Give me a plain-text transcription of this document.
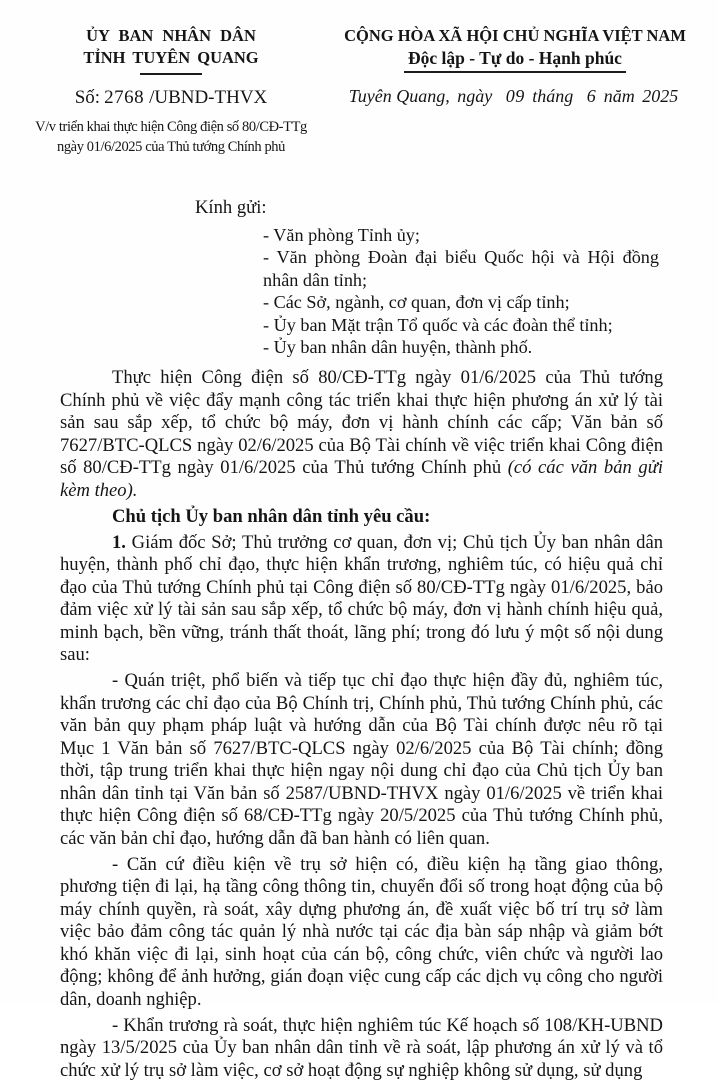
ỦY BAN NHÂN DÂN
TỈNH TUYÊN QUANG
Số: 2768 /UBND-THVX
V/v triển khai thực hiện Công điện số 80/CĐ-TTg ngày 01/6/2025 của Thủ tướng Chính phủ
CỘNG HÒA XÃ HỘI CHỦ NGHĨA VIỆT NAM
Độc lập - Tự do - Hạnh phúc
Tuyên Quang, ngày 09 tháng 6 năm 2025
Kính gửi:
- Văn phòng Tỉnh ủy;
- Văn phòng Đoàn đại biểu Quốc hội và Hội đồng nhân dân tỉnh;
- Các Sở, ngành, cơ quan, đơn vị cấp tỉnh;
- Ủy ban Mặt trận Tổ quốc và các đoàn thể tỉnh;
- Ủy ban nhân dân huyện, thành phố.

Thực hiện Công điện số 80/CĐ-TTg ngày 01/6/2025 của Thủ tướng Chính phủ về việc đẩy mạnh công tác triển khai thực hiện phương án xử lý tài sản sau sắp xếp, tổ chức bộ máy, đơn vị hành chính các cấp; Văn bản số 7627/BTC-QLCS ngày 02/6/2025 của Bộ Tài chính về việc triển khai Công điện số 80/CĐ-TTg ngày 01/6/2025 của Thủ tướng Chính phủ (có các văn bản gửi kèm theo).

Chủ tịch Ủy ban nhân dân tỉnh yêu cầu:

1. Giám đốc Sở; Thủ trưởng cơ quan, đơn vị; Chủ tịch Ủy ban nhân dân huyện, thành phố chỉ đạo, thực hiện khẩn trương, nghiêm túc, có hiệu quả chỉ đạo của Thủ tướng Chính phủ tại Công điện số 80/CĐ-TTg ngày 01/6/2025, bảo đảm việc xử lý tài sản sau sắp xếp, tổ chức bộ máy, đơn vị hành chính hiệu quả, minh bạch, bền vững, tránh thất thoát, lãng phí; trong đó lưu ý một số nội dung sau:

- Quán triệt, phổ biến và tiếp tục chỉ đạo thực hiện đầy đủ, nghiêm túc, khẩn trương các chỉ đạo của Bộ Chính trị, Chính phủ, Thủ tướng Chính phủ, các văn bản quy phạm pháp luật và hướng dẫn của Bộ Tài chính được nêu rõ tại Mục 1 Văn bản số 7627/BTC-QLCS ngày 02/6/2025 của Bộ Tài chính; đồng thời, tập trung triển khai thực hiện ngay nội dung chỉ đạo của Chủ tịch Ủy ban nhân dân tỉnh tại Văn bản số 2587/UBND-THVX ngày 01/6/2025 về triển khai thực hiện Công điện số 68/CĐ-TTg ngày 20/5/2025 của Thủ tướng Chính phủ, các văn bản chỉ đạo, hướng dẫn đã ban hành có liên quan.

- Căn cứ điều kiện về trụ sở hiện có, điều kiện hạ tầng giao thông, phương tiện đi lại, hạ tầng công thông tin, chuyển đổi số trong hoạt động của bộ máy chính quyền, rà soát, xây dựng phương án, đề xuất việc bố trí trụ sở làm việc bảo đảm công tác quản lý nhà nước tại các địa bàn sáp nhập và giảm bớt khó khăn việc đi lại, sinh hoạt của cán bộ, công chức, viên chức và người lao động; không để ảnh hưởng, gián đoạn việc cung cấp các dịch vụ công cho người dân, doanh nghiệp.

- Khẩn trương rà soát, thực hiện nghiêm túc Kế hoạch số 108/KH-UBND ngày 13/5/2025 của Ủy ban nhân dân tỉnh về rà soát, lập phương án xử lý và tổ chức xử lý trụ sở làm việc, cơ sở hoạt động sự nghiệp không sử dụng, sử dụng
